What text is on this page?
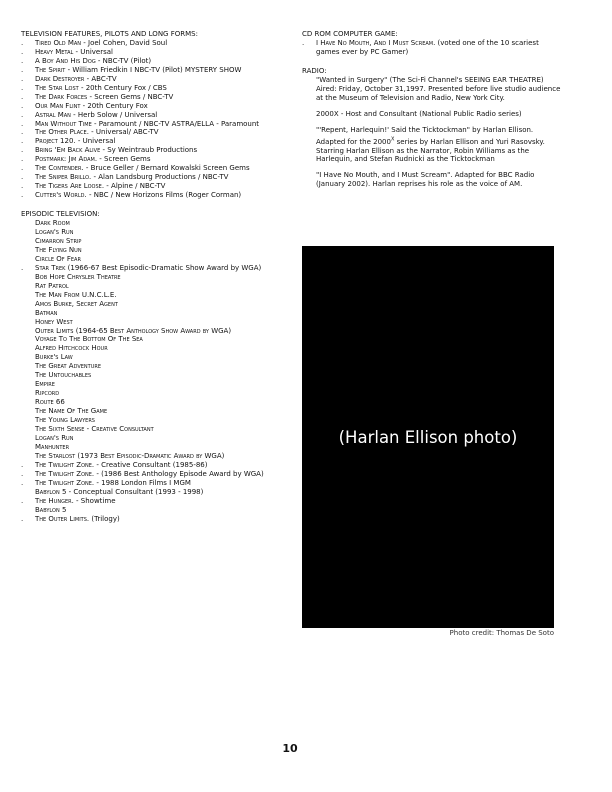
TELEVISION FEATURES, PILOTS AND LONG FORMS:

. Tired Old Man - Joel Cohen, David Soul
. Heavy Metal - Universal
. A Boy And His Dog - NBC-TV (Pilot)
. The Spirit - William Friedkin I NBC-TV (Pilot) MYSTERY SHOW
. Dark Destroyer - ABC-TV
. The Star Lost - 20th Century Fox / CBS
. The Dark Forces - Screen Gems / NBC-TV
. Our Man Flint - 20th Century Fox
. Astral Man - Herb Solow / Universal
. Man Without Time - Paramount / NBC-TV ASTRA/ELLA - Paramount
. The Other Place. - Universal/ ABC-TV
. Project 120. - Universal
. Bring 'Em Back Alive - Sy Weintraub Productions
. Postmark: Jim Adam. - Screen Gems
. The Contender. - Bruce Geller / Bernard Kowalski Screen Gems
. The Sniper Brillo. - Alan Landsburg Productions / NBC-TV
. The Tigers Are Loose. - Alpine / NBC-TV
. Cutter's World. - NBC / New Horizons Films (Roger Corman)

EPISODIC TELEVISION:

Dark Room
Logan's Run
Cimarron Strip
The Flying Nun
Circle Of Fear
. Star Trek (1966-67 Best Episodic-Dramatic Show Award by WGA)
Bob Hope Chrysler Theatre
Rat Patrol
The Man From U.N.C.L.E.
Amos Burke, Secret Agent
Batman
Honey West
Outer Limits (1964-65 Best Anthology Show Award by WGA)
Voyage To The Bottom Of The Sea
Alfred Hitchcock Hour
Burke's Law
The Great Adventure
The Untouchables
Empire
Ripcord
Route 66
The Name Of The Game
The Young Lawyers
The Sixth Sense - Creative Consultant
Logan's Run
Manhunter
The Starlost (1973 Best Episodic-Dramatic Award by WGA)
. The Twilight Zone. - Creative Consultant (1985-86)
. The Twilight Zone. - (1986 Best Anthology Episode Award by WGA)
. The Twilight Zone. - 1988 London Films I MGM
Babylon 5 - Conceptual Consultant (1993 - 1998)
. The Hunger. - Showtime
Babylon 5
. The Outer Limits. (Trilogy)

CD ROM COMPUTER GAME:

. I Have No Mouth, And I Must Scream. (voted one of the 10 scariest
games ever by PC Gamer)

RADIO:

"Wanted in Surgery" (The Sci-Fi Channel's SEEING EAR THEATRE)
Aired: Friday, October 31,1997. Presented before live studio audience
at the Museum of Television and Radio, New York City.
2000X - Host and Consultant (National Public Radio series)
"'Repent, Harlequin!' Said the Ticktockman" by Harlan Ellison.
Adapted for the $2000^X$ series by Harlan Ellison and Yuri Rasovsky.
Starring Harlan Ellison as the Narrator, Robin Williams as the
Harlequin, and Stefan Rudnicki as the Ticktockman
"I Have No Mouth, and I Must Scream". Adapted for BBC Radio
(January 2002). Harlan reprises his role as the voice of AM.
(Harlan Ellison photo)
Photo credit: Thomas De Soto
10
